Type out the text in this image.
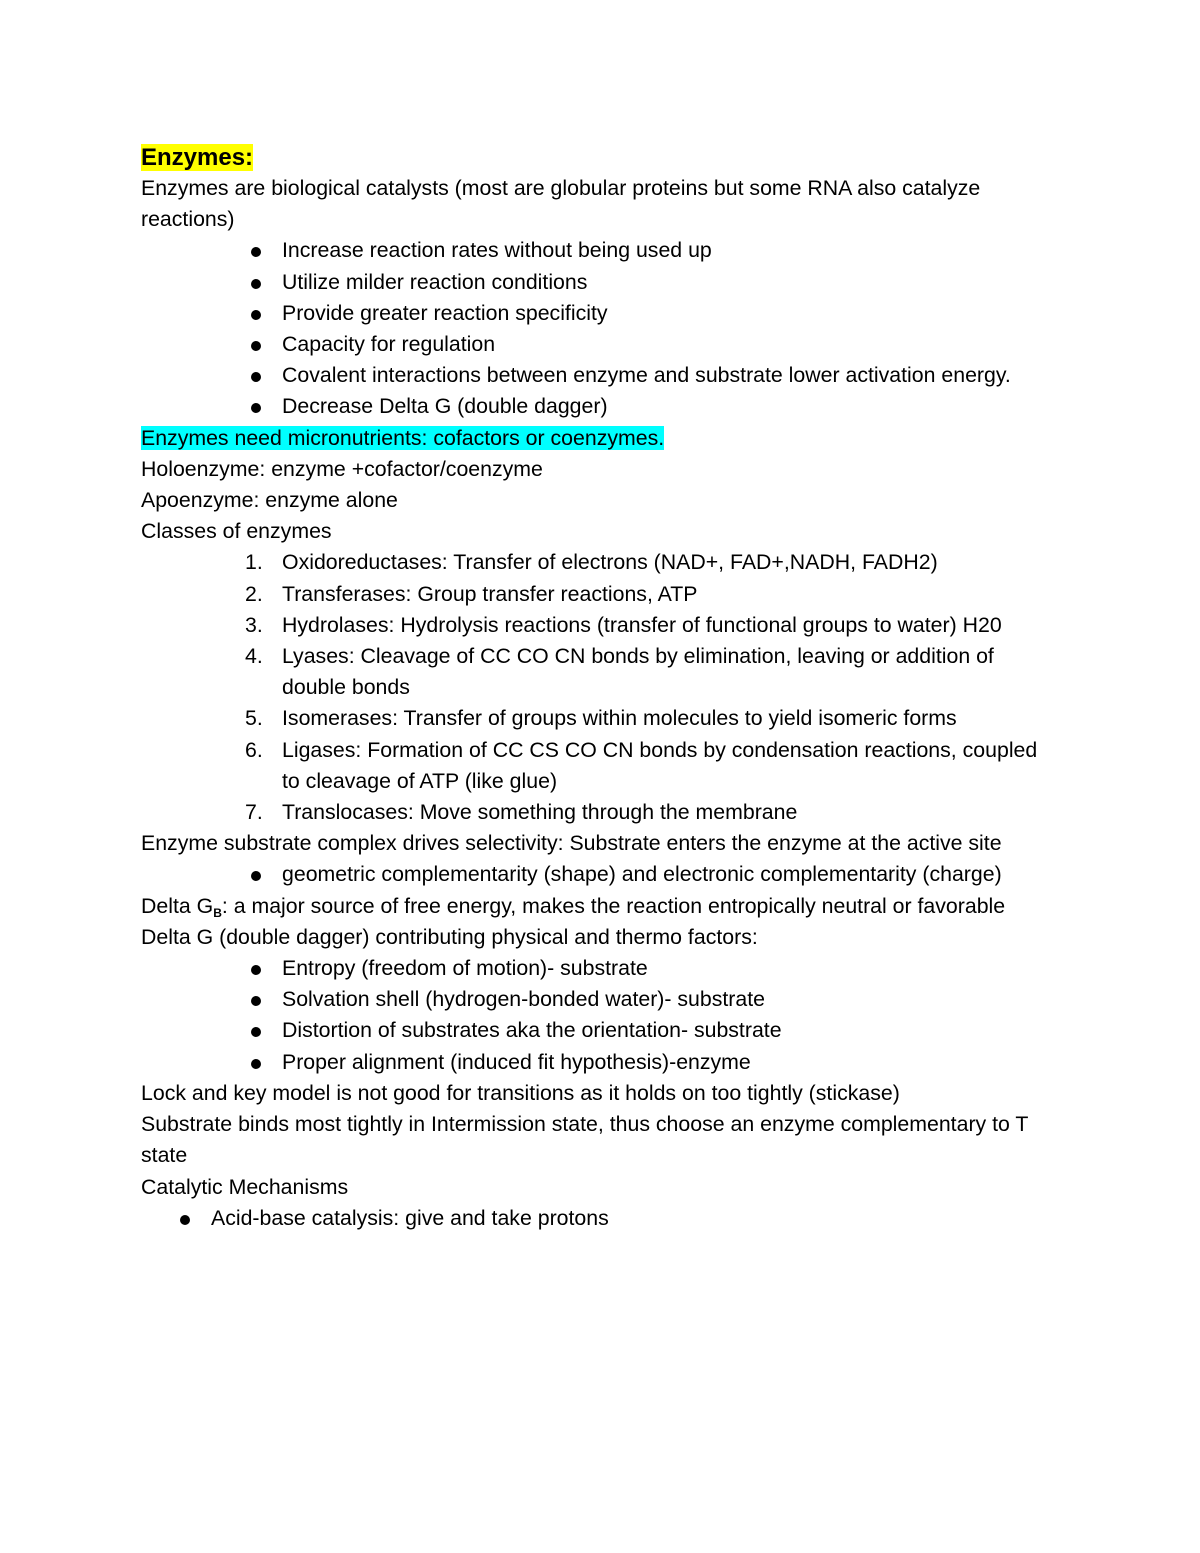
Enzymes:

Enzymes are biological catalysts (most are globular proteins but some RNA also catalyze reactions)

Increase reaction rates without being used up
Utilize milder reaction conditions
Provide greater reaction specificity
Capacity for regulation
Covalent interactions between enzyme and substrate lower activation energy.
Decrease Delta G (double dagger)

Enzymes need micronutrients: cofactors or coenzymes.

Holoenzyme: enzyme +cofactor/coenzyme

Apoenzyme: enzyme alone

Classes of enzymes

1. Oxidoreductases: Transfer of electrons (NAD+, FAD+,NADH, FADH2)
2. Transferases: Group transfer reactions, ATP
3. Hydrolases: Hydrolysis reactions (transfer of functional groups to water) H20
4. Lyases: Cleavage of CC CO CN bonds by elimination, leaving or addition of double bonds
5. Isomerases: Transfer of groups within molecules to yield isomeric forms
6. Ligases: Formation of CC CS CO CN bonds by condensation reactions, coupled to cleavage of ATP (like glue)
7. Translocases: Move something through the membrane

Enzyme substrate complex drives selectivity: Substrate enters the enzyme at the active site

geometric complementarity (shape) and electronic complementarity (charge)

Delta $G_B$: a major source of free energy, makes the reaction entropically neutral or favorable

Delta G (double dagger) contributing physical and thermo factors:

Entropy (freedom of motion)- substrate
Solvation shell (hydrogen-bonded water)- substrate
Distortion of substrates aka the orientation- substrate
Proper alignment (induced fit hypothesis)-enzyme

Lock and key model is not good for transitions as it holds on too tightly (stickase)

Substrate binds most tightly in Intermission state, thus choose an enzyme complementary to T state

Catalytic Mechanisms

Acid-base catalysis: give and take protons
